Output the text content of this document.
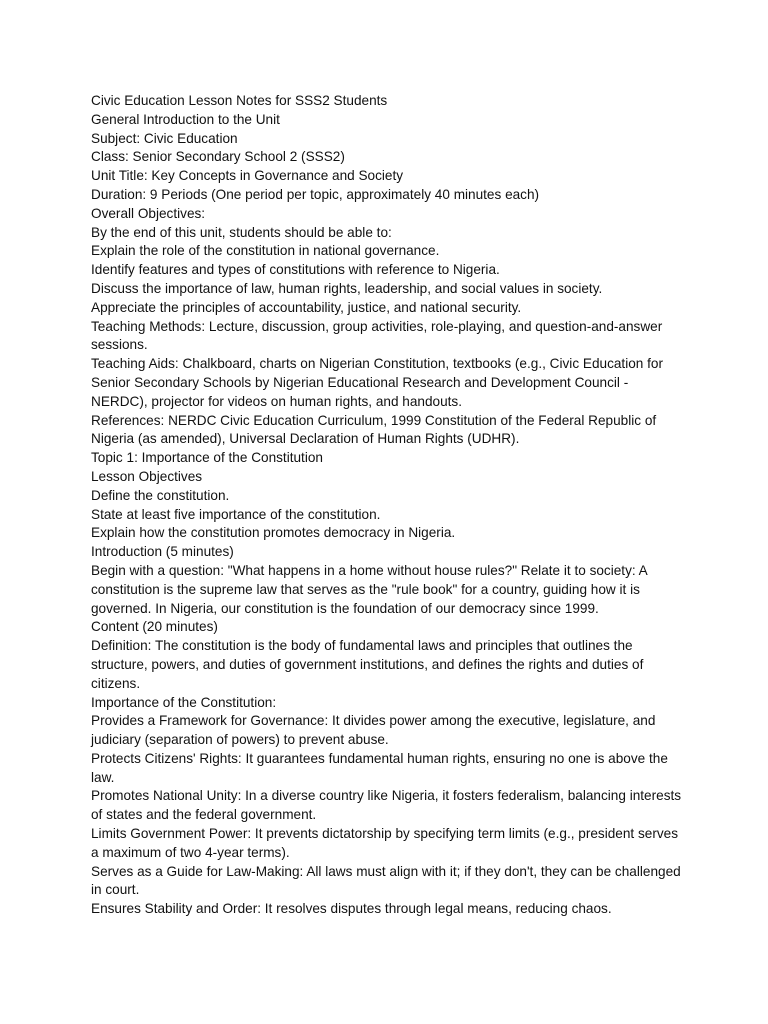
Civic Education Lesson Notes for SSS2 Students

General Introduction to the Unit

Subject: Civic Education

Class: Senior Secondary School 2 (SSS2)

Unit Title: Key Concepts in Governance and Society

Duration: 9 Periods (One period per topic, approximately 40 minutes each)

Overall Objectives:

By the end of this unit, students should be able to:

Explain the role of the constitution in national governance.

Identify features and types of constitutions with reference to Nigeria.

Discuss the importance of law, human rights, leadership, and social values in society.

Appreciate the principles of accountability, justice, and national security.

Teaching Methods: Lecture, discussion, group activities, role-playing, and question-and-answer sessions.

Teaching Aids: Chalkboard, charts on Nigerian Constitution, textbooks (e.g., Civic Education for Senior Secondary Schools by Nigerian Educational Research and Development Council - NERDC), projector for videos on human rights, and handouts.

References: NERDC Civic Education Curriculum, 1999 Constitution of the Federal Republic of Nigeria (as amended), Universal Declaration of Human Rights (UDHR).

Topic 1: Importance of the Constitution

Lesson Objectives

Define the constitution.

State at least five importance of the constitution.

Explain how the constitution promotes democracy in Nigeria.

Introduction (5 minutes)

Begin with a question: "What happens in a home without house rules?" Relate it to society: A constitution is the supreme law that serves as the "rule book" for a country, guiding how it is governed. In Nigeria, our constitution is the foundation of our democracy since 1999.

Content (20 minutes)

Definition: The constitution is the body of fundamental laws and principles that outlines the structure, powers, and duties of government institutions, and defines the rights and duties of citizens.

Importance of the Constitution:

Provides a Framework for Governance: It divides power among the executive, legislature, and judiciary (separation of powers) to prevent abuse.

Protects Citizens' Rights: It guarantees fundamental human rights, ensuring no one is above the law.

Promotes National Unity: In a diverse country like Nigeria, it fosters federalism, balancing interests of states and the federal government.

Limits Government Power: It prevents dictatorship by specifying term limits (e.g., president serves a maximum of two 4-year terms).

Serves as a Guide for Law-Making: All laws must align with it; if they don't, they can be challenged in court.

Ensures Stability and Order: It resolves disputes through legal means, reducing chaos.
